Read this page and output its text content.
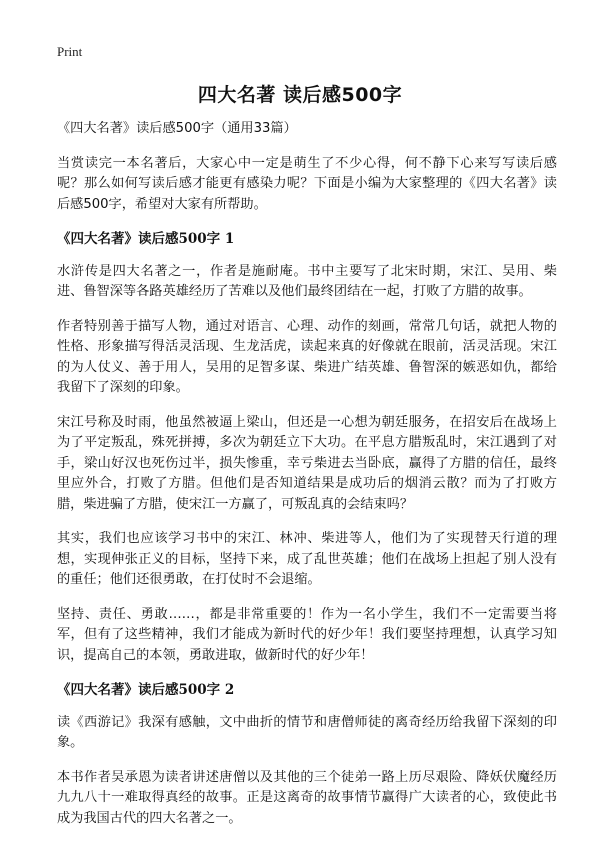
Print
四大名著 读后感500字

《四大名著》读后感500字（通用33篇）

当赏读完一本名著后，大家心中一定是萌生了不少心得，何不静下心来写写读后感呢？那么如何写读后感才能更有感染力呢？下面是小编为大家整理的《四大名著》读后感500字，希望对大家有所帮助。

《四大名著》读后感500字 1

水浒传是四大名著之一，作者是施耐庵。书中主要写了北宋时期，宋江、吴用、柴进、鲁智深等各路英雄经历了苦难以及他们最终团结在一起，打败了方腊的故事。

作者特别善于描写人物，通过对语言、心理、动作的刻画，常常几句话，就把人物的性格、形象描写得活灵活现、生龙活虎，读起来真的好像就在眼前，活灵活现。宋江的为人仗义、善于用人，吴用的足智多谋、柴进广结英雄、鲁智深的嫉恶如仇，都给我留下了深刻的印象。

宋江号称及时雨，他虽然被逼上梁山，但还是一心想为朝廷服务，在招安后在战场上为了平定叛乱，殊死拼搏，多次为朝廷立下大功。在平息方腊叛乱时，宋江遇到了对手，梁山好汉也死伤过半，损失惨重，幸亏柴进去当卧底，赢得了方腊的信任，最终里应外合，打败了方腊。但他们是否知道结果是成功后的烟消云散？而为了打败方腊，柴进骗了方腊，使宋江一方赢了，可叛乱真的会结束吗？

其实，我们也应该学习书中的宋江、林冲、柴进等人，他们为了实现替天行道的理想，实现伸张正义的目标，坚持下来，成了乱世英雄；他们在战场上担起了别人没有的重任；他们还很勇敢，在打仗时不会退缩。

坚持、责任、勇敢……，都是非常重要的！作为一名小学生，我们不一定需要当将军，但有了这些精神，我们才能成为新时代的好少年！我们要坚持理想，认真学习知识，提高自己的本领，勇敢进取，做新时代的好少年！

《四大名著》读后感500字 2

读《西游记》我深有感触，文中曲折的情节和唐僧师徒的离奇经历给我留下深刻的印象。

本书作者吴承恩为读者讲述唐僧以及其他的三个徒弟一路上历尽艰险、降妖伏魔经历九九八十一难取得真经的故事。正是这离奇的故事情节赢得广大读者的心，致使此书成为我国古代的四大名著之一。
